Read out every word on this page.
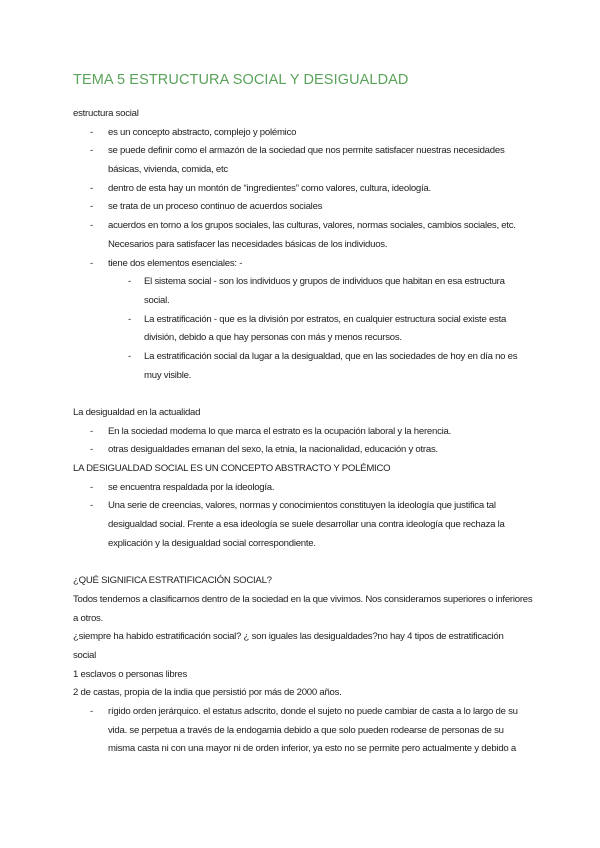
TEMA 5 ESTRUCTURA SOCIAL Y DESIGUALDAD
estructura social
- es un concepto abstracto, complejo y polémico
- se puede definir como el armazón de la sociedad que nos permite satisfacer nuestras necesidades
básicas, vivienda, comida, etc
- dentro de esta hay un montón de “ingredientes” como valores, cultura, ideología.
- se trata de un proceso continuo de acuerdos sociales
- acuerdos en torno a los grupos sociales, las culturas, valores, normas sociales, cambios sociales, etc.
Necesarios para satisfacer las necesidades básicas de los individuos.
- tiene dos elementos esenciales: -
- El sistema social - son los individuos y grupos de individuos que habitan en esa estructura
social.
- La estratificación - que es la división por estratos, en cualquier estructura social existe esta
división, debido a que hay personas con más y menos recursos.
- La estratificación social da lugar a la desigualdad, que en las sociedades de hoy en día no es
muy visible.
La desigualdad en la actualidad
- En la sociedad moderna lo que marca el estrato es la ocupación laboral y la herencia.
- otras desigualdades emanan del sexo, la etnia, la nacionalidad, educación y otras.
LA DESIGUALDAD SOCIAL ES UN CONCEPTO ABSTRACTO Y POLÉMICO
- se encuentra respaldada por la ideología.
- Una serie de creencias, valores, normas y conocimientos constituyen la ideología que justifica tal
desigualdad social. Frente a esa ideología se suele desarrollar una contra ideología que rechaza la
explicación y la desigualdad social correspondiente.
¿QUÉ SIGNIFICA ESTRATIFICACIÓN SOCIAL?
Todos tendemos a clasificarnos dentro de la sociedad en la que vivimos. Nos consideramos superiores o inferiores
a otros.
¿siempre ha habido estratificación social? ¿ son iguales las desigualdades?no hay 4 tipos de estratificación
social
1 esclavos o personas libres
2 de castas, propia de la india que persistió por más de 2000 años.
- rígido orden jerárquico. el estatus adscrito, donde el sujeto no puede cambiar de casta a lo largo de su
vida. se perpetua a través de la endogamia debido a que solo pueden rodearse de personas de su
misma casta ni con una mayor ni de orden inferior, ya esto no se permite pero actualmente y debido a
